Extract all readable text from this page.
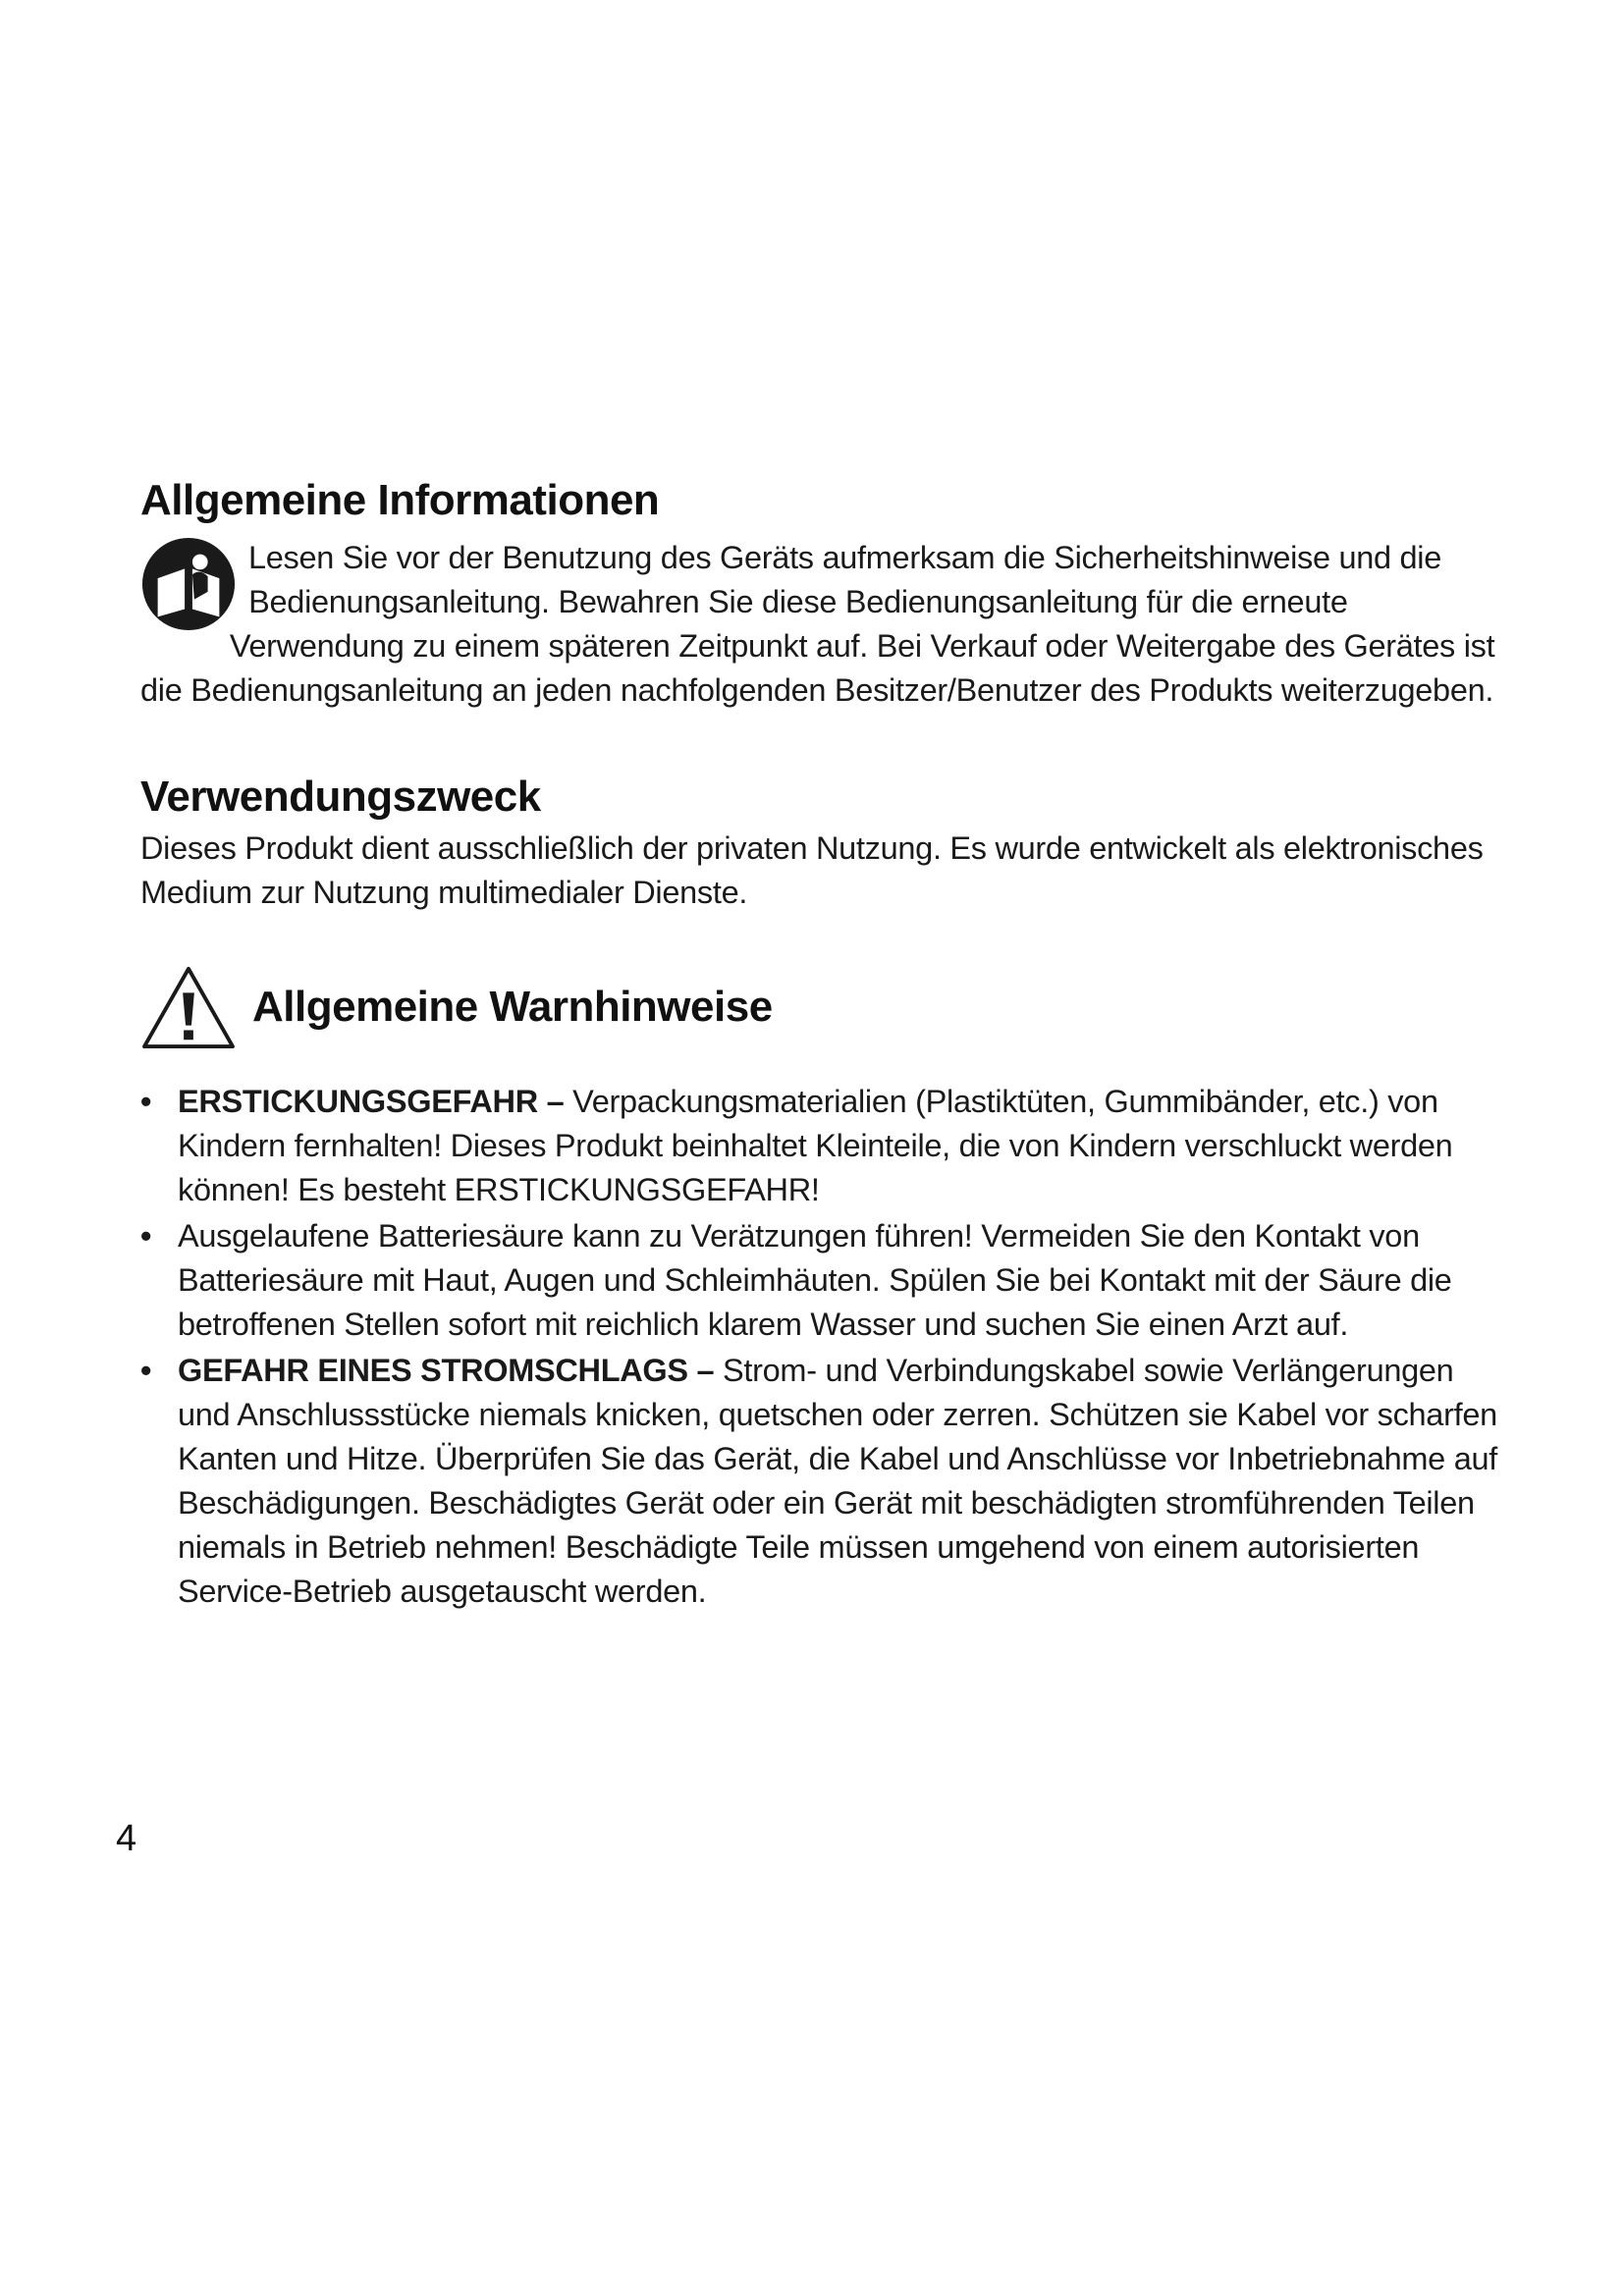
Allgemeine Informationen

Lesen Sie vor der Benutzung des Geräts aufmerksam die Sicherheitshinweise und die Bedienungsanleitung. Bewahren Sie diese Bedienungsanleitung für die erneute Verwendung zu einem späteren Zeitpunkt auf. Bei Verkauf oder Weitergabe des Gerätes ist die Bedienungsanleitung an jeden nachfolgenden Besitzer/Benutzer des Produkts weiterzugeben.

Verwendungszweck

Dieses Produkt dient ausschließlich der privaten Nutzung. Es wurde entwickelt als elektronisches Medium zur Nutzung multimedialer Dienste.

Allgemeine Warnhinweise
• ERSTICKUNGSGEFAHR – Verpackungsmaterialien (Plastiktüten, Gummibänder, etc.) von Kindern fernhalten! Dieses Produkt beinhaltet Kleinteile, die von Kindern verschluckt werden können! Es besteht ERSTICKUNGSGEFAHR!
• Ausgelaufene Batteriesäure kann zu Verätzungen führen! Vermeiden Sie den Kontakt von Batteriesäure mit Haut, Augen und Schleimhäuten. Spülen Sie bei Kontakt mit der Säure die betroffenen Stellen sofort mit reichlich klarem Wasser und suchen Sie einen Arzt auf.
• GEFAHR EINES STROMSCHLAGS – Strom- und Verbindungskabel sowie Verlängerungen und Anschlussstücke niemals knicken, quetschen oder zerren. Schützen sie Kabel vor scharfen Kanten und Hitze. Überprüfen Sie das Gerät, die Kabel und Anschlüsse vor Inbetriebnahme auf Beschädigungen. Beschädigtes Gerät oder ein Gerät mit beschädigten stromführenden Teilen niemals in Betrieb nehmen! Beschädigte Teile müssen umgehend von einem autorisierten Service-Betrieb ausgetauscht werden.
4
